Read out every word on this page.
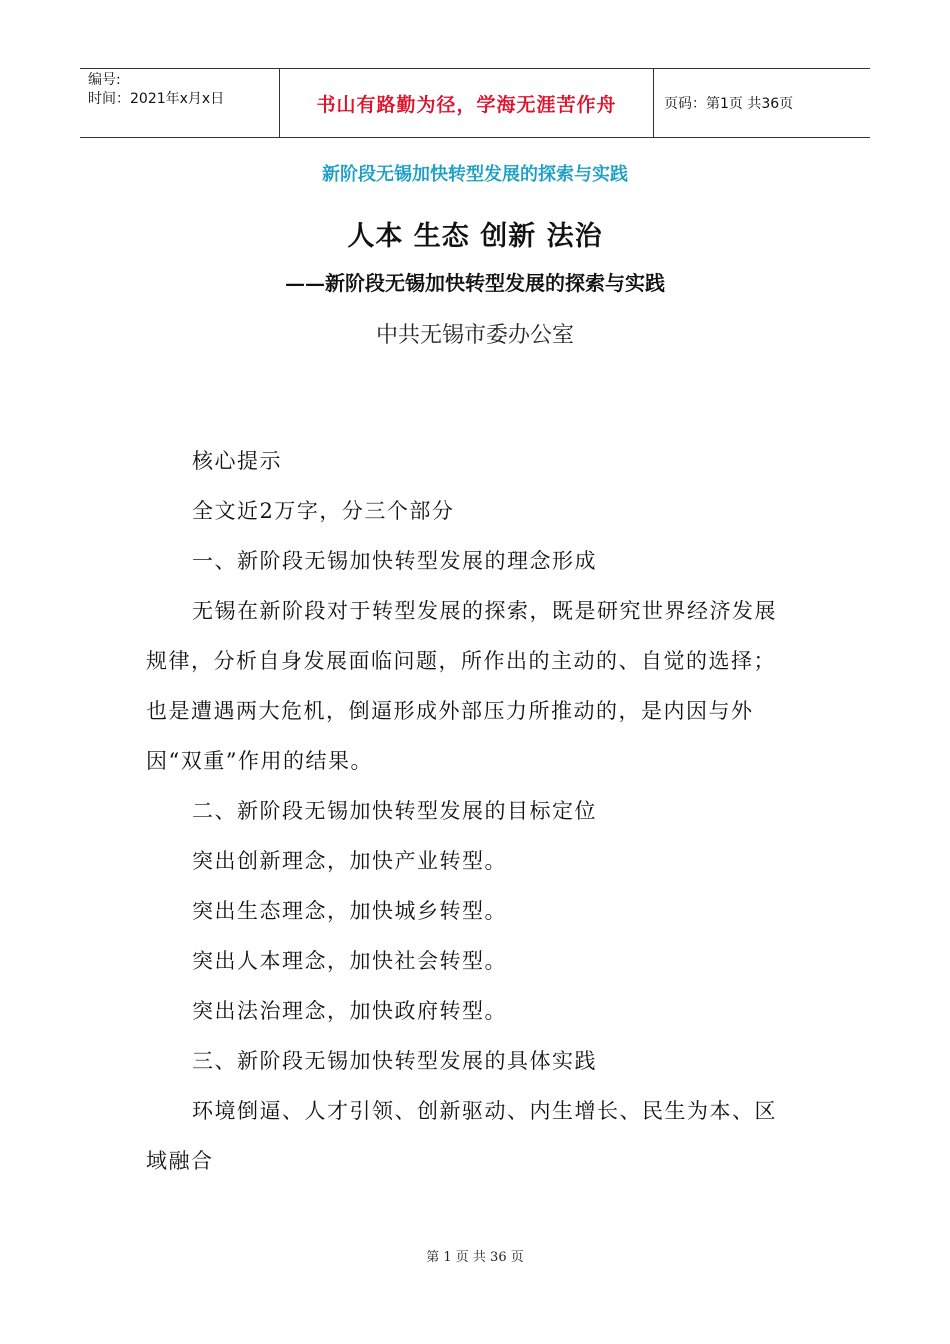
编号:
时间：2021年x月x日	书山有路勤为径，学海无涯苦作舟	页码：第1页 共36页
新阶段无锡加快转型发展的探索与实践
人本 生态 创新 法治
——新阶段无锡加快转型发展的探索与实践
中共无锡市委办公室

核心提示

全文近2万字，分三个部分

一、新阶段无锡加快转型发展的理念形成

无锡在新阶段对于转型发展的探索，既是研究世界经济发展规律，分析自身发展面临问题，所作出的主动的、自觉的选择；也是遭遇两大危机，倒逼形成外部压力所推动的，是内因与外因“双重”作用的结果。

二、新阶段无锡加快转型发展的目标定位

突出创新理念，加快产业转型。

突出生态理念，加快城乡转型。

突出人本理念，加快社会转型。

突出法治理念，加快政府转型。

三、新阶段无锡加快转型发展的具体实践

环境倒逼、人才引领、创新驱动、内生增长、民生为本、区域融合

第 1 页 共 36 页
